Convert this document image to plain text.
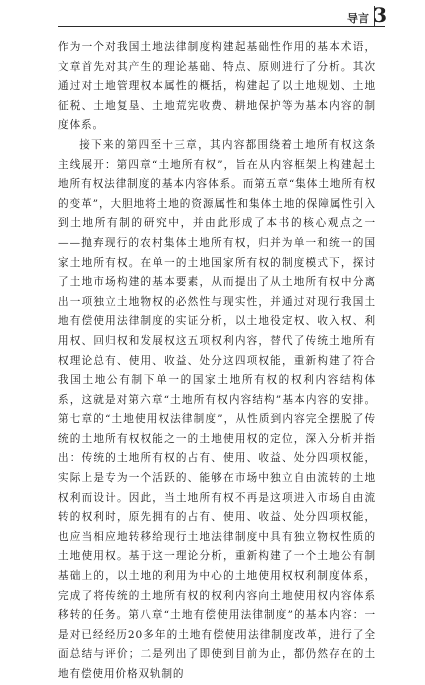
导言 3

作为一个对我国土地法律制度构建起基础性作用的基本术语，文章首先对其产生的理论基础、特点、原则进行了分析。其次通过对土地管理权本属性的概括，构建起了以土地规划、土地征税、土地复垦、土地荒宪收费、耕地保护等为基本内容的制度体系。

接下来的第四至十三章，其内容都围绕着土地所有权这条主线展开：第四章“土地所有权”，旨在从内容框架上构建起土地所有权法律制度的基本内容体系。而第五章“集体土地所有权的变革”，大胆地将土地的资源属性和集体土地的保障属性引入到土地所有制的研究中，并由此形成了本书的核心观点之一——抛弃现行的农村集体土地所有权，归并为单一和统一的国家土地所有权。在单一的土地国家所有权的制度模式下，探讨了土地市场构建的基本要素，从而提出了从土地所有权中分离出一项独立土地物权的必然性与现实性，并通过对现行我国土地有偿使用法律制度的实证分析，以土地役定权、收入权、利用权、回归权和发展权这五项权利内容，替代了传统土地所有权理论总有、使用、收益、处分这四项权能，重新构建了符合我国土地公有制下单一的国家土地所有权的权利内容结构体系，这就是对第六章“土地所有权内容结构”基本内容的安排。第七章的“土地使用权法律制度”，从性质到内容完全摆脱了传统的土地所有权权能之一的土地使用权的定位，深入分析并指出：传统的土地所有权的占有、使用、收益、处分四项权能，实际上是专为一个活跃的、能够在市场中独立自由流转的土地权利而设计。因此，当土地所有权不再是这项进入市场自由流转的权利时，原先拥有的占有、使用、收益、处分四项权能，也应当相应地转移给现行土地法律制度中具有独立物权性质的土地使用权。基于这一理论分析，重新构建了一个土地公有制基础上的，以土地的利用为中心的土地使用权权利制度体系，完成了将传统的土地所有权的权利内容向土地使用权内容体系移转的任务。第八章“土地有偿使用法律制度”的基本内容：一是对已经经历20多年的土地有偿使用法律制度改革，进行了全面总结与评价；二是列出了即使到目前为止，都仍然存在的土地有偿使用价格双轨制的
